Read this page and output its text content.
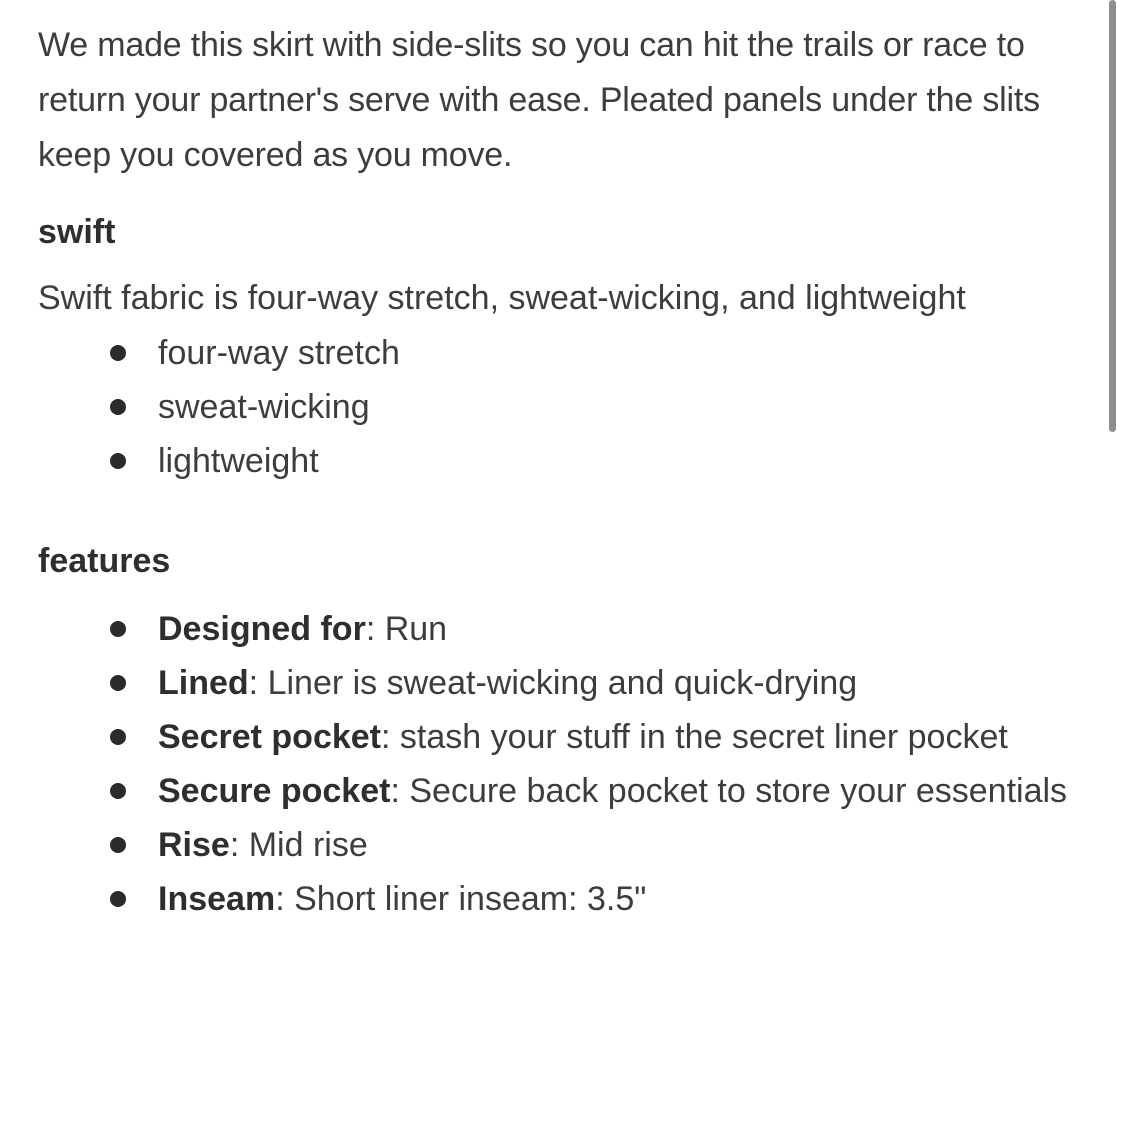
We made this skirt with side-slits so you can hit the trails or race to return your partner's serve with ease. Pleated panels under the slits keep you covered as you move.

swift

Swift fabric is four-way stretch, sweat-wicking, and lightweight

four-way stretch
sweat-wicking
lightweight
features
Designed for: Run
Lined: Liner is sweat-wicking and quick-drying
Secret pocket: stash your stuff in the secret liner pocket
Secure pocket: Secure back pocket to store your essentials
Rise: Mid rise
Inseam: Short liner inseam: 3.5"
